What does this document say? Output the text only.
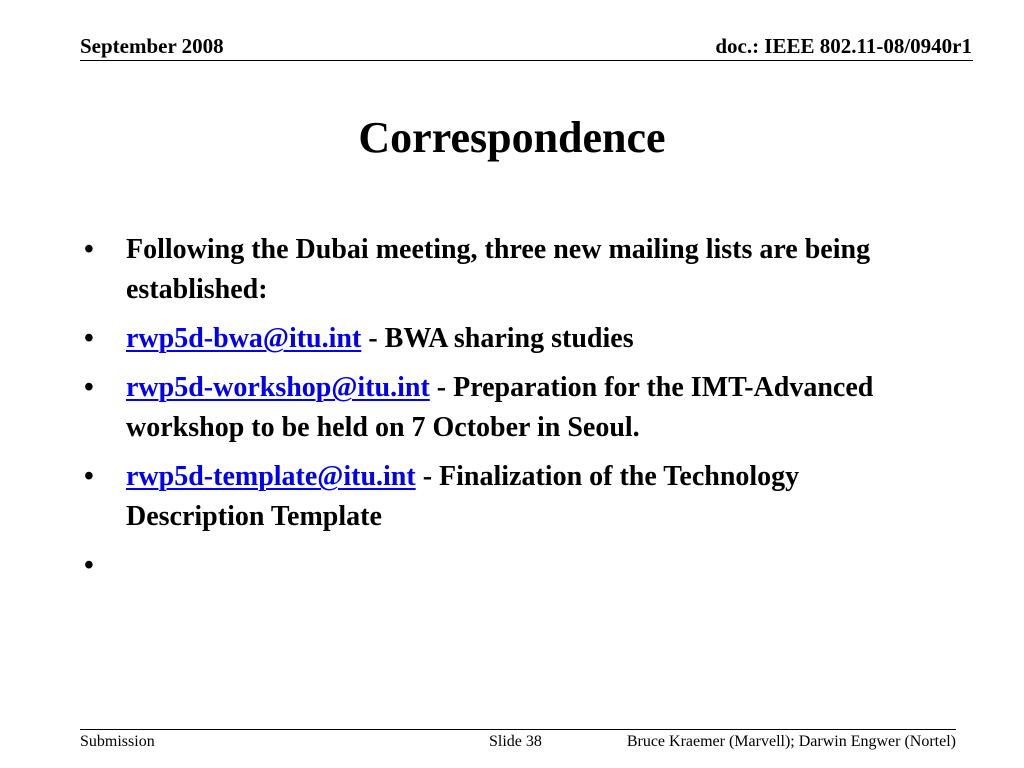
September 2008	doc.: IEEE 802.11-08/0940r1
Correspondence
•	Following the Dubai meeting, three new mailing lists are being established:
•	rwp5d-bwa@itu.int - BWA sharing studies
•	rwp5d-workshop@itu.int - Preparation for the IMT-Advanced workshop to be held on 7 October in Seoul.
•	rwp5d-template@itu.int - Finalization of the Technology Description Template
•

Submission	Slide 38	Bruce Kraemer (Marvell); Darwin Engwer (Nortel)
